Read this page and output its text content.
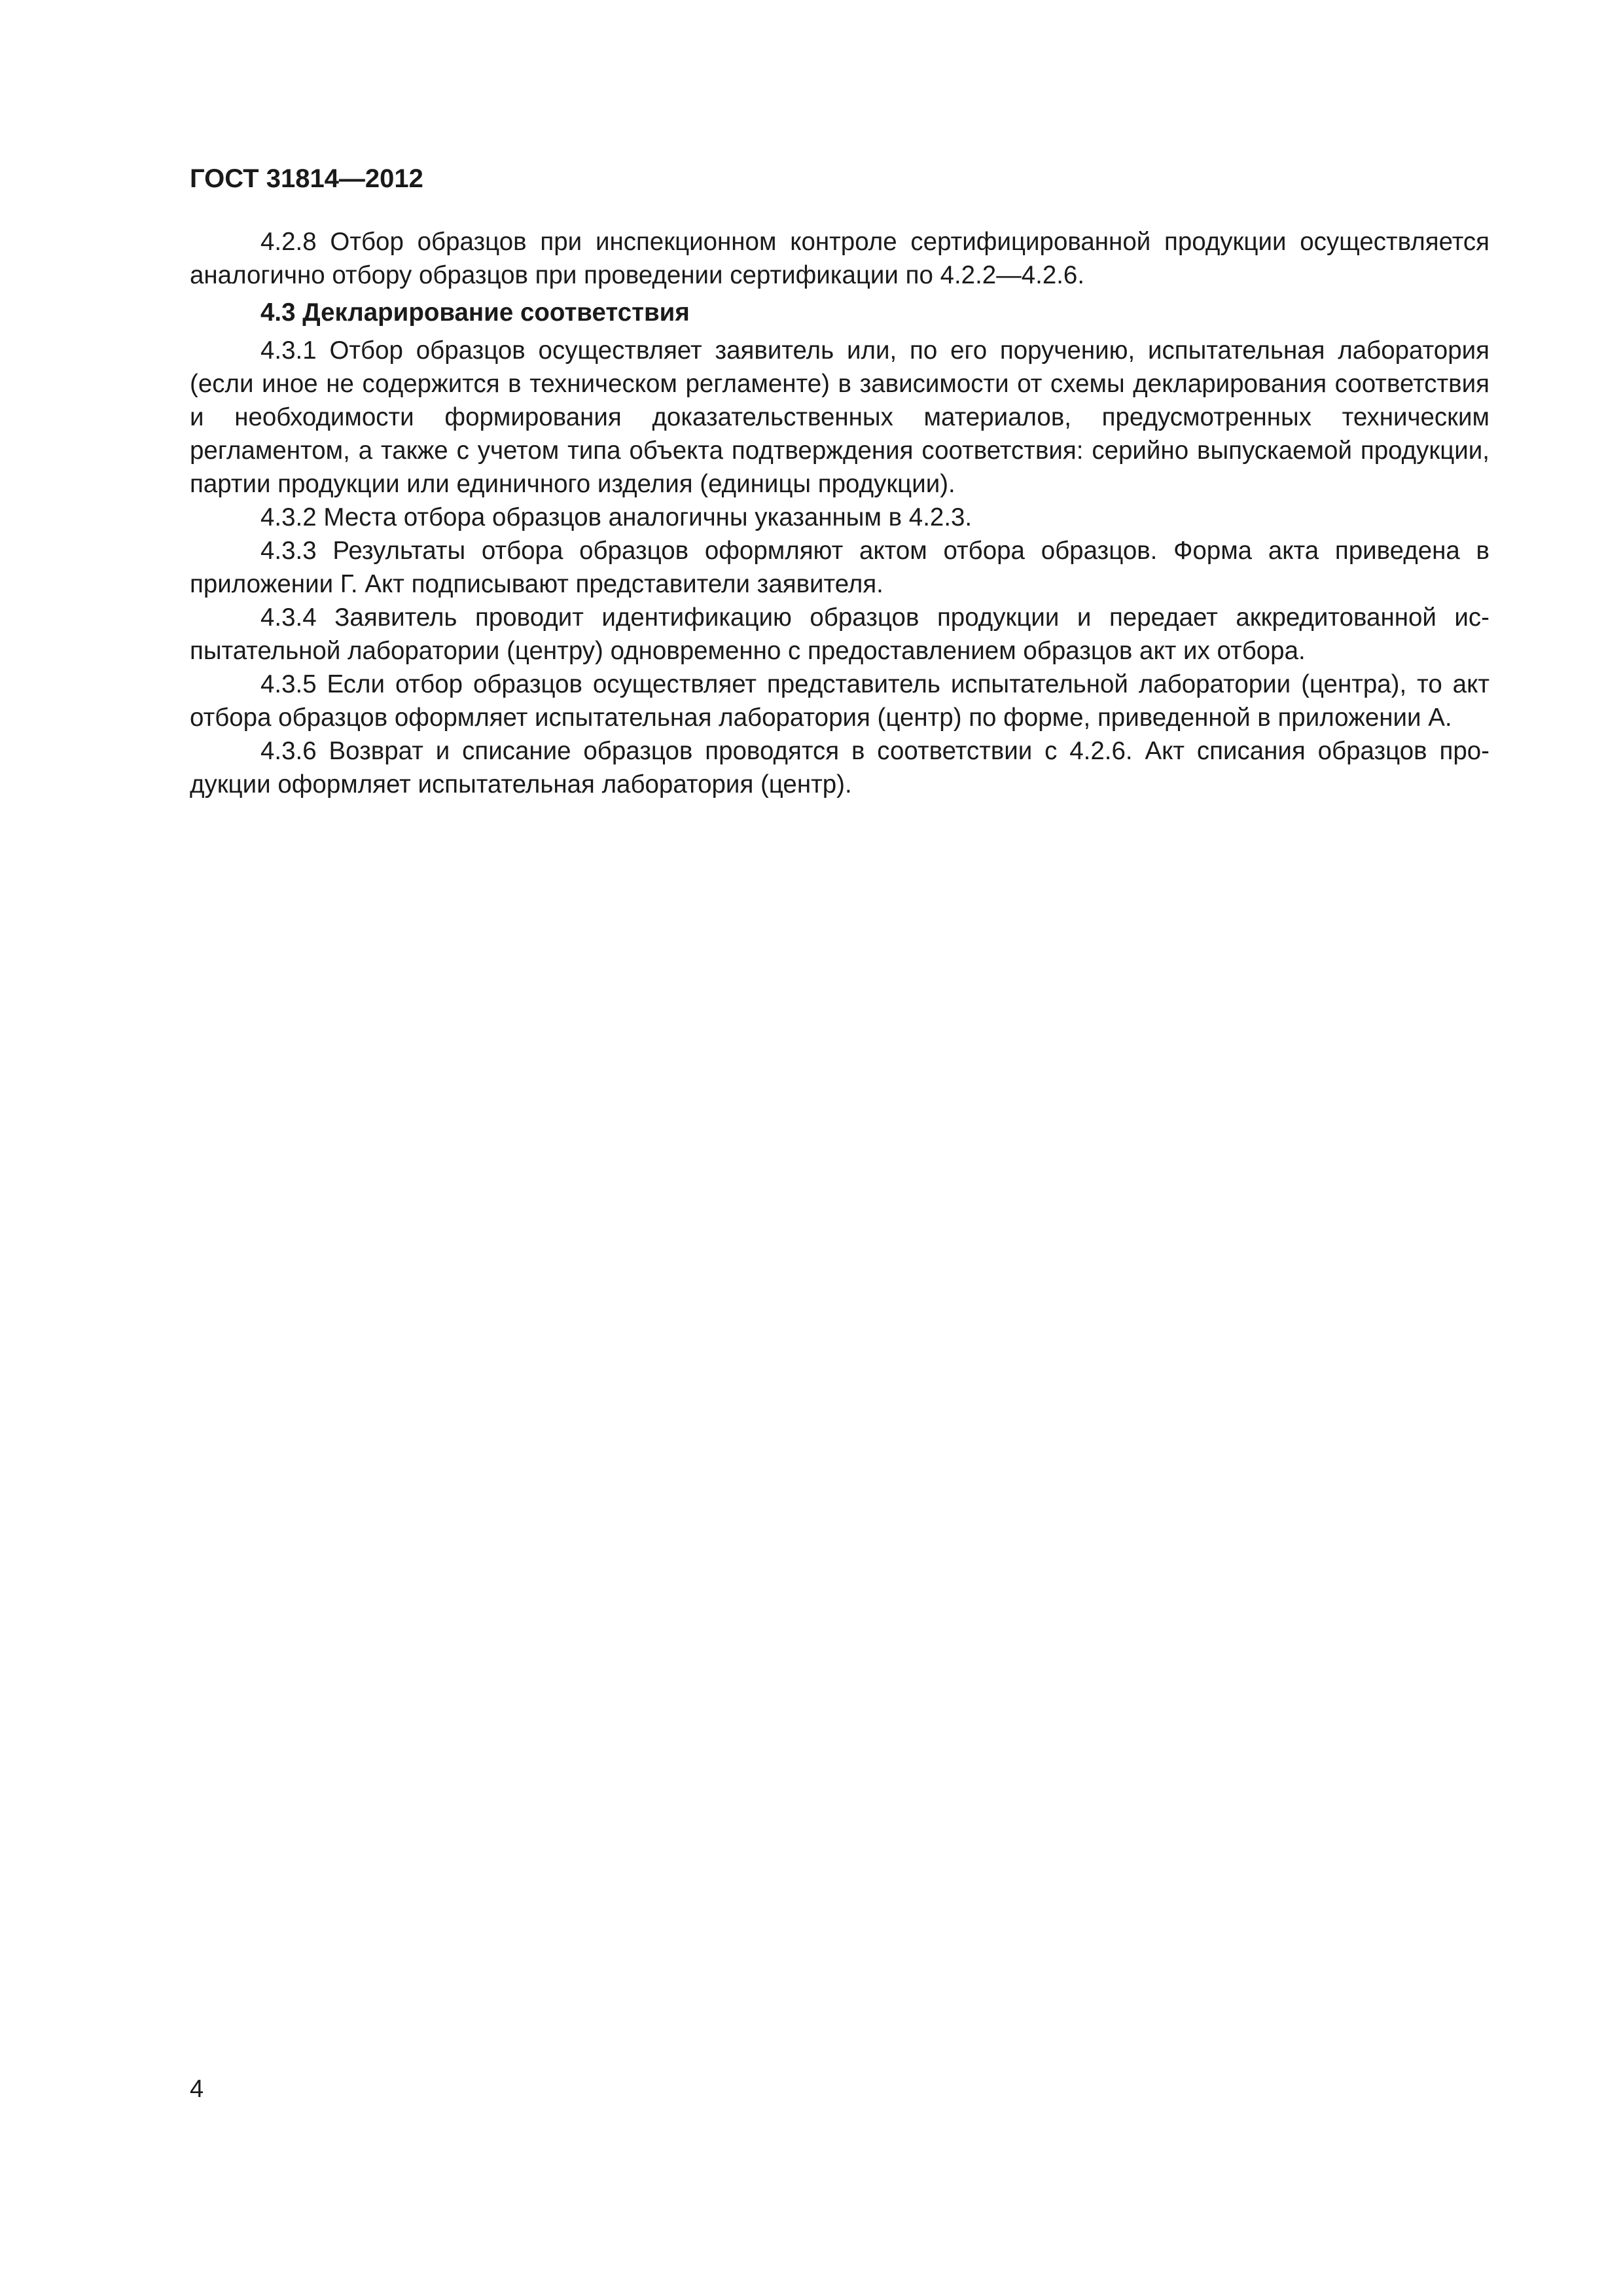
ГОСТ 31814—2012

4.2.8 Отбор образцов при инспекционном контроле сертифицированной продукции осуществляется аналогично отбору образцов при проведении сертификации по 4.2.2—4.2.6.

4.3 Декларирование соответствия

4.3.1 Отбор образцов осуществляет заявитель или, по его поручению, испытательная лаборатория (если иное не содержится в техническом регламенте) в зависимости от схемы декларирования соответствия и необходимости формирования доказательственных материалов, предусмотренных техническим регламентом, а также с учетом типа объекта подтверждения соответствия: серийно выпускаемой продукции, партии продукции или единичного изделия (единицы продукции).

4.3.2 Места отбора образцов аналогичны указанным в 4.2.3.

4.3.3 Результаты отбора образцов оформляют актом отбора образцов. Форма акта приведена в приложении Г. Акт подписывают представители заявителя.

4.3.4 Заявитель проводит идентификацию образцов продукции и передает аккредитованной испытательной лаборатории (центру) одновременно с предоставлением образцов акт их отбора.

4.3.5 Если отбор образцов осуществляет представитель испытательной лаборатории (центра), то акт отбора образцов оформляет испытательная лаборатория (центр) по форме, приведенной в приложении А.

4.3.6 Возврат и списание образцов проводятся в соответствии с 4.2.6. Акт списания образцов продукции оформляет испытательная лаборатория (центр).

4
